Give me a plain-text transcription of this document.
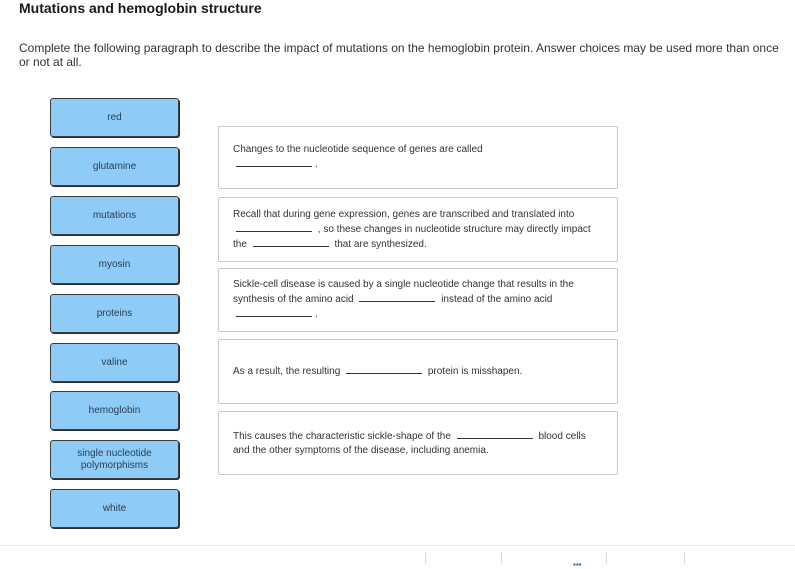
Mutations and hemoglobin structure
Complete the following paragraph to describe the impact of mutations on the hemoglobin protein. Answer choices may be used more than once or not at all.
red
glutamine
mutations
myosin
proteins
valine
hemoglobin
single nucleotide polymorphisms
white
Changes to the nucleotide sequence of genes are called
.
Recall that during gene expression, genes are transcribed and translated into  , so these changes in nucleotide structure may directly impact the	that are synthesized.
Sickle-cell disease is caused by a single nucleotide change that results in the synthesis of the amino acid	instead of the amino acid
.
As a result, the resulting	protein is misshapen.
This causes the characteristic sickle-shape of the	blood cells and the other symptoms of the disease, including anemia.
▪▪▪
